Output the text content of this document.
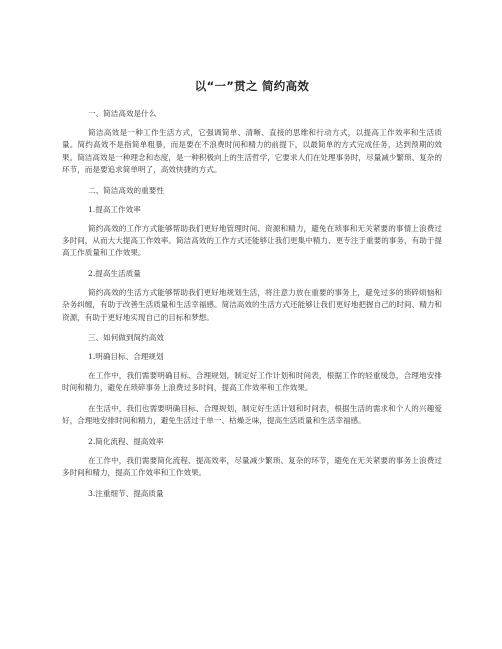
以“一”贯之 简约高效
一、简洁高效是什么
简洁高效是一种工作生活方式，它强调简单、清晰、直接的思维和行动方式，以提高工作效率和生活质量。简约高效不是指简单粗暴，而是要在不浪费时间和精力的前提下，以最简单的方式完成任务，达到预期的效果。简洁高效是一种理念和态度，是一种积极向上的生活哲学，它要求人们在处理事务时，尽量减少繁琐、复杂的环节，而是要追求简单明了，高效快捷的方式。
二、简洁高效的重要性
1.提高工作效率
简约高效的工作方式能够帮助我们更好地管理时间、资源和精力，避免在琐事和无关紧要的事情上浪费过多时间，从而大大提高工作效率。简洁高效的工作方式还能够让我们更集中精力、更专注于重要的事务，有助于提高工作质量和工作效果。
2.提高生活质量
简约高效的生活方式能够帮助我们更好地规划生活，将注意力放在重要的事务上，避免过多的琐碎烦恼和杂务纠缠，有助于改善生活质量和生活幸福感。简洁高效的生活方式还能够让我们更好地把握自己的时间、精力和资源，有助于更好地实现自己的目标和梦想。
三、如何做到简约高效
1.明确目标、合理规划
在工作中，我们需要明确目标、合理规划，制定好工作计划和时间表，根据工作的轻重缓急，合理地安排时间和精力，避免在琐碎事务上浪费过多时间，提高工作效率和工作效果。
在生活中，我们也需要明确目标、合理规划，制定好生活计划和时间表，根据生活的需求和个人的兴趣爱好，合理地安排时间和精力，避免生活过于单一、枯燥乏味，提高生活质量和生活幸福感。
2.简化流程、提高效率
在工作中，我们需要简化流程、提高效率，尽量减少繁琐、复杂的环节，避免在无关紧要的事务上浪费过多时间和精力，提高工作效率和工作效果。
3.注重细节、提高质量
